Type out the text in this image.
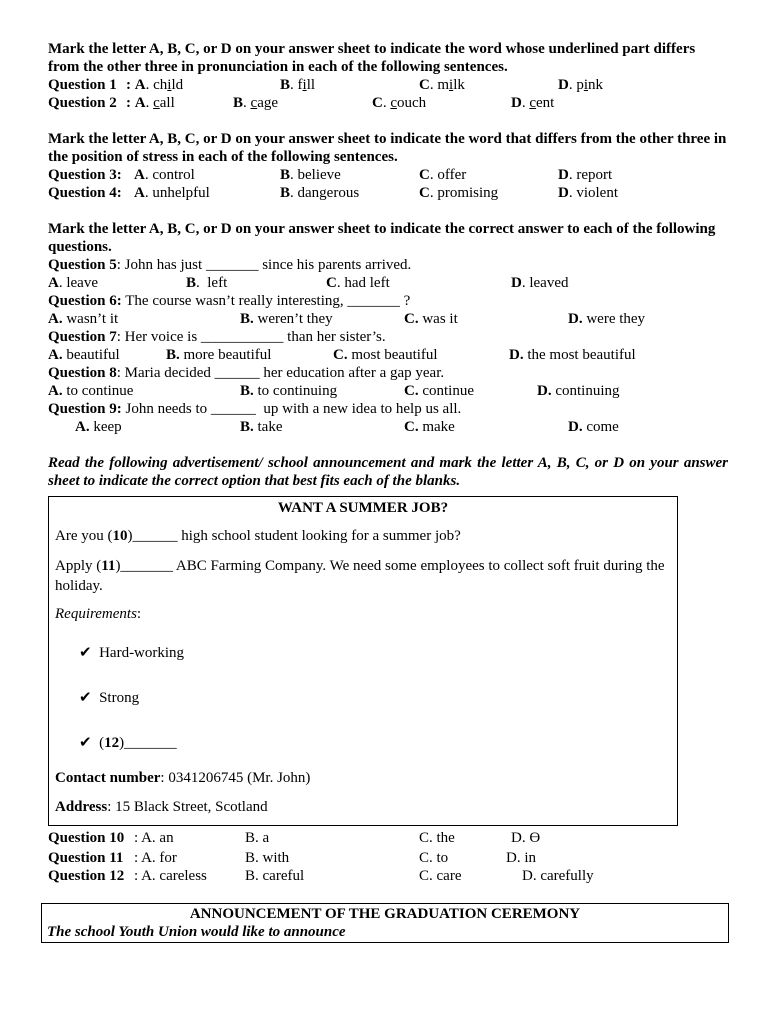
Mark the letter A, B, C, or D on your answer sheet to indicate the word whose underlined part differs from the other three in pronunciation in each of the following sentences.

Question 1 : A. child	B. fill	C. milk	D. pink
Question 2 : A. call	B. cage	C. couch	D. cent

Mark the letter A, B, C, or D on your answer sheet to indicate the word that differs from the other three in the position of stress in each of the following sentences.

Question 3: A. control	B. believe	C. offer	D. report
Question 4: A. unhelpful	B. dangerous	C. promising	D. violent

Mark the letter A, B, C, or D on your answer sheet to indicate the correct answer to each of the following questions.

Question 5: John has just _______ since his parents arrived.
A. leave	B.  left	C. had left	D. leaved
Question 6: The course wasn’t really interesting, _______ ?
A. wasn’t it	B. weren’t they	C. was it	D. were they
Question 7: Her voice is ___________ than her sister’s.
A. beautiful	B. more beautiful	C. most beautiful	D. the most beautiful
Question 8: Maria decided ______ her education after a gap year.
A. to continue	B. to continuing	C. continue	D. continuing
Question 9: John needs to ______  up with a new idea to help us all.
A. keep	B. take	C. make	D. come

Read the following advertisement/ school announcement and mark the letter A, B, C, or D on your answer sheet to indicate the correct option that best fits each of the blanks.

WANT A SUMMER JOB?

Are you (10)______ high school student looking for a summer job?

Apply (11)_______ ABC Farming Company. We need some employees to collect soft fruit during the holiday.

Requirements:

✔ Hard-working

✔ Strong

✔ (12)_______

Contact number: 0341206745 (Mr. John)

Address: 15 Black Street, Scotland

Question 10 : A. an	B. a	C. the	D. Ɵ
Question 11 : A. for	B. with	C. to	D. in
Question 12 : A. careless	B. careful	C. care	D. carefully
ANNOUNCEMENT OF THE GRADUATION CEREMONY
The school Youth Union would like to announce
